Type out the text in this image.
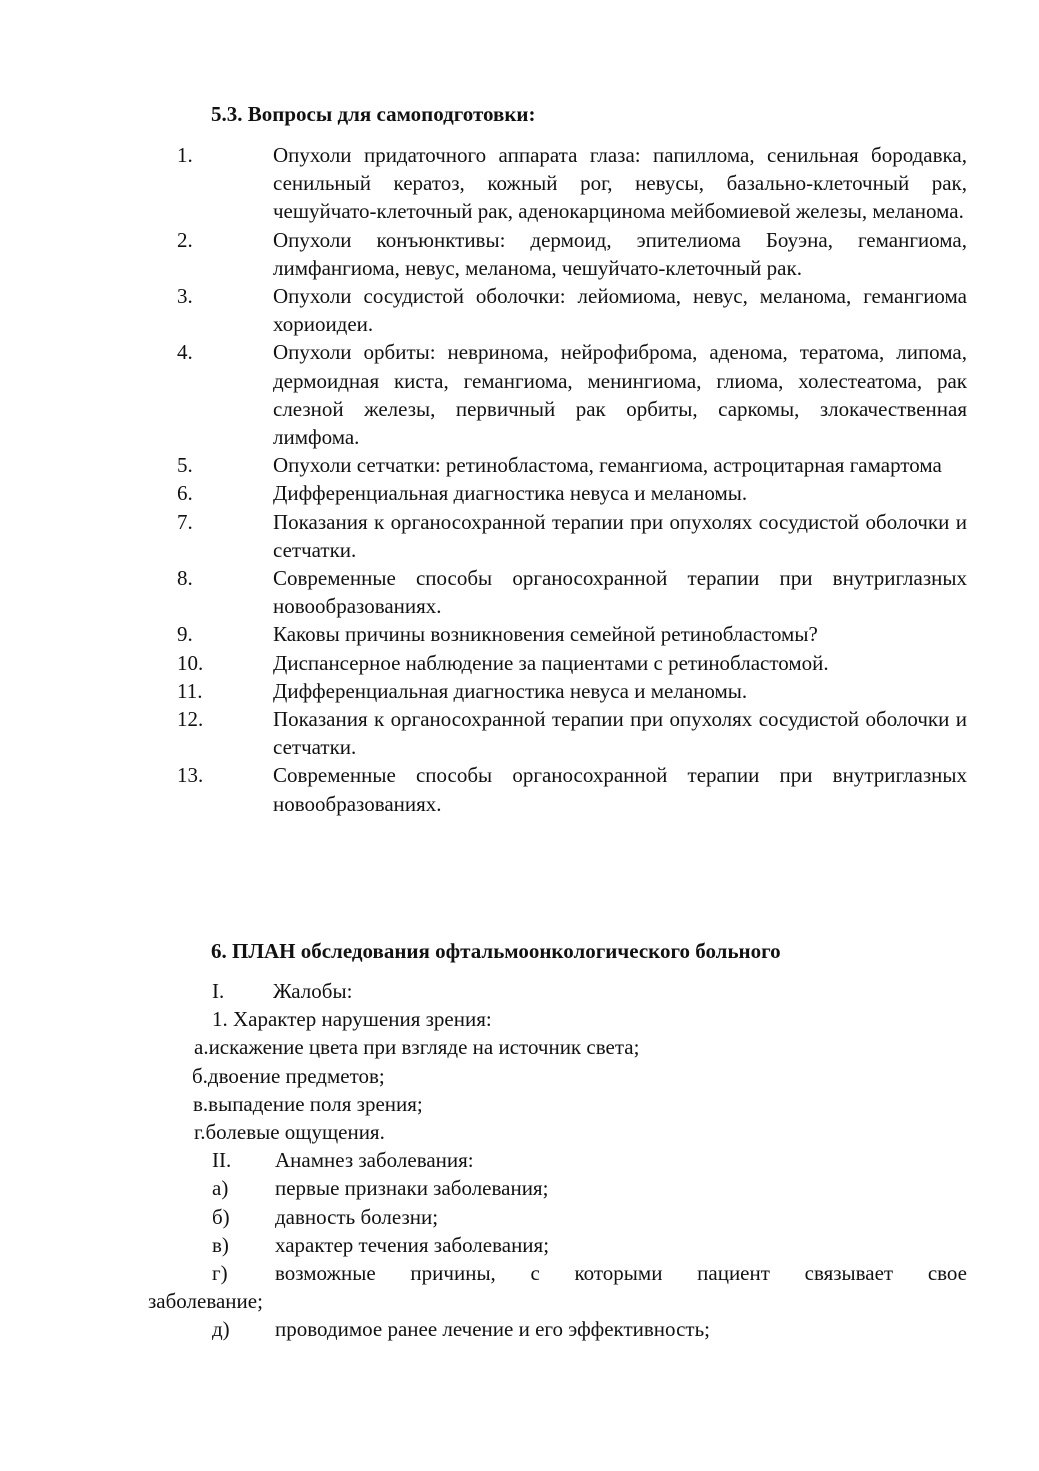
5.3. Вопросы для самоподготовки:
1.	Опухоли придаточного аппарата глаза: папиллома, сенильная бородавка, сенильный кератоз, кожный рог, невусы, базально-клеточный рак, чешуйчато-клеточный рак, аденокарцинома мейбомиевой железы, меланома.
2.	Опухоли конъюнктивы: дермоид, эпителиома Боуэна, гемангиома, лимфангиома, невус, меланома, чешуйчато-клеточный рак.
3.	Опухоли сосудистой оболочки: лейомиома, невус, меланома, гемангиома хориоидеи.
4.	Опухоли орбиты: невринома, нейрофиброма, аденома, тератома, липома, дермоидная киста, гемангиома, менингиома, глиома, холестеатома, рак слезной железы, первичный рак орбиты, саркомы, злокачественная лимфома.
5.	Опухоли сетчатки: ретинобластома, гемангиома, астроцитарная гамартома
6.	Дифференциальная диагностика невуса и меланомы.
7.	Показания к органосохранной терапии при опухолях сосудистой оболочки и сетчатки.
8.	Современные способы органосохранной терапии при внутриглазных новообразованиях.
9.	Каковы причины возникновения семейной ретинобластомы?
10.	Диспансерное наблюдение за пациентами с ретинобластомой.
11.	Дифференциальная диагностика невуса и меланомы.
12.	Показания к органосохранной терапии при опухолях сосудистой оболочки и сетчатки.
13.	Современные способы органосохранной терапии при внутриглазных новообразованиях.
6. ПЛАН обследования офтальмоонкологического больного
I. Жалобы:
1. Характер нарушения зрения:
а.искажение цвета при взгляде на источник света;
б.двоение предметов;
в.выпадение поля зрения;
г.болевые ощущения.
II. Анамнез заболевания:
а) первые признаки заболевания;
б) давность болезни;
в) характер течения заболевания;
г) возможные причины, с которыми пациент связывает свое
заболевание;
д) проводимое ранее лечение и его эффективность;
